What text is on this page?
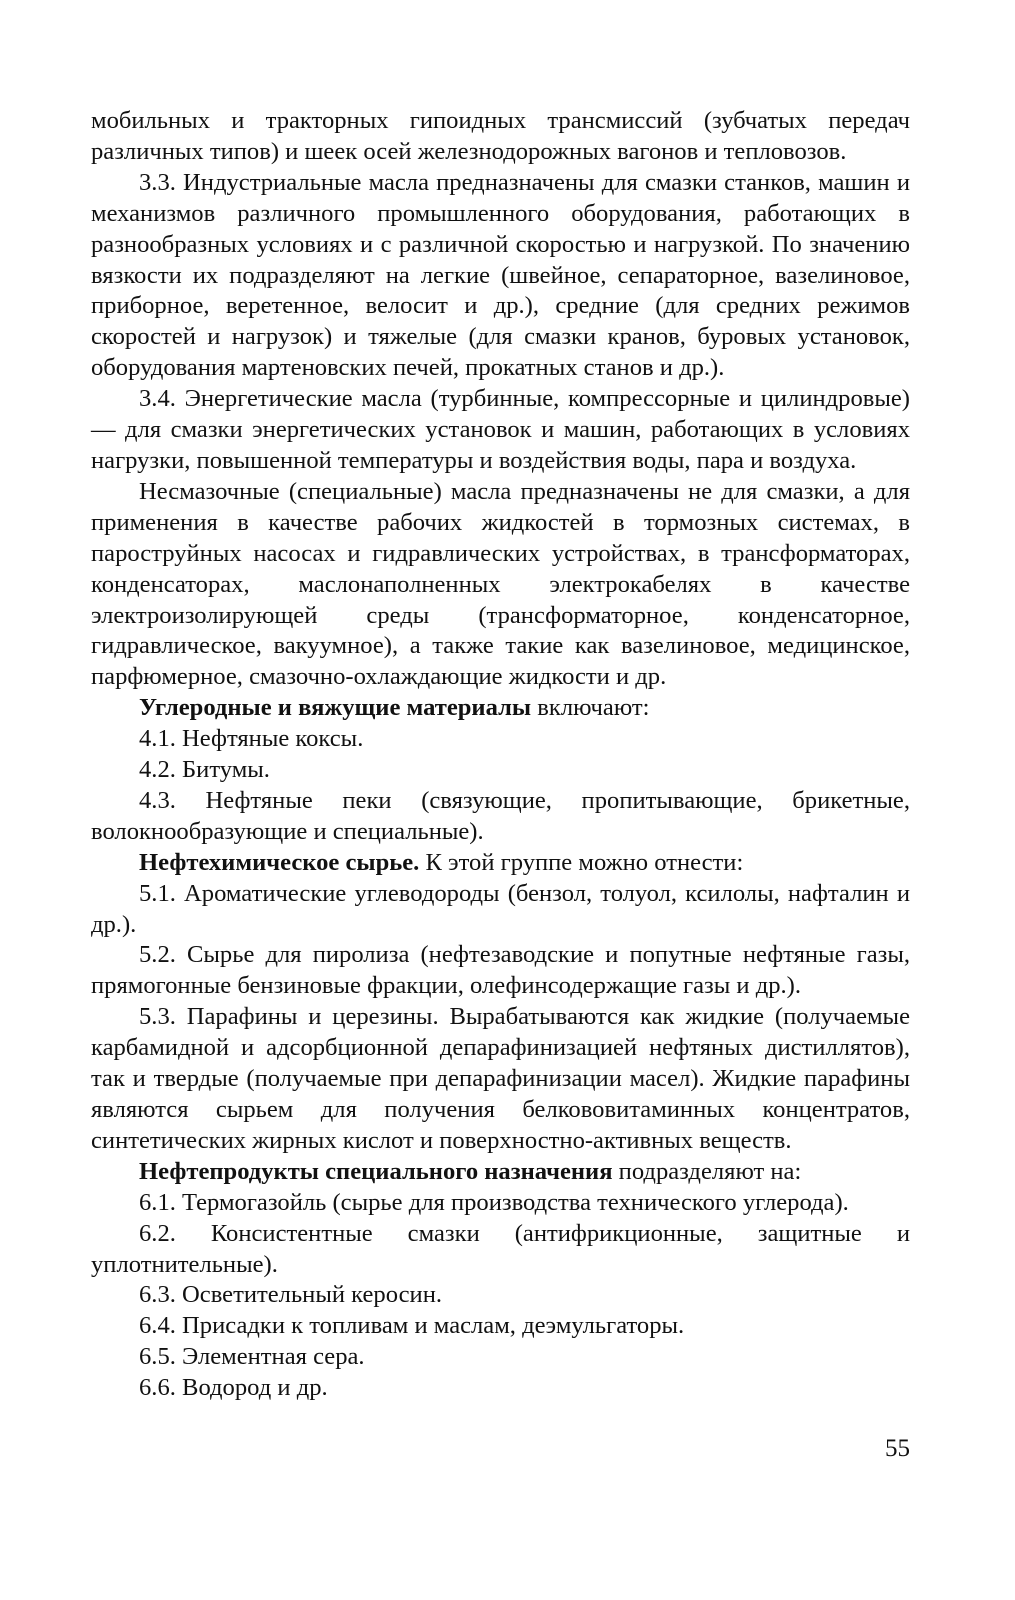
мобильных и тракторных гипоидных трансмиссий (зубчатых передач различных типов) и шеек осей железнодорожных вагонов и тепловозов.

3.3. Индустриальные масла предназначены для смазки станков, машин и механизмов различного промышленного оборудования, работающих в разнообразных условиях и с различной скоростью и нагрузкой. По значению вязкости их подразделяют на легкие (швейное, сепараторное, вазелиновое, приборное, веретенное, велосит и др.), средние (для средних режимов скоростей и нагрузок) и тяжелые (для смазки кранов, буровых установок, оборудования мартеновских печей, прокатных станов и др.).

3.4. Энергетические масла (турбинные, компрессорные и цилиндровые) — для смазки энергетических установок и машин, работающих в условиях нагрузки, повышенной температуры и воздействия воды, пара и воздуха.

Несмазочные (специальные) масла предназначены не для смазки, а для применения в качестве рабочих жидкостей в тормозных системах, в пароструйных насосах и гидравлических устройствах, в трансформаторах, конденсаторах, маслонаполненных электрокабелях в качестве электроизолирующей среды (трансформаторное, конденсаторное, гидравлическое, вакуумное), а также такие как вазелиновое, медицинское, парфюмерное, смазочно-охлаждающие жидкости и др.

Углеродные и вяжущие материалы включают:

4.1. Нефтяные коксы.

4.2. Битумы.

4.3. Нефтяные пеки (связующие, пропитывающие, брикетные, волокнообразующие и специальные).

Нефтехимическое сырье. К этой группе можно отнести:

5.1. Ароматические углеводороды (бензол, толуол, ксилолы, нафталин и др.).

5.2. Сырье для пиролиза (нефтезаводские и попутные нефтяные газы, прямогонные бензиновые фракции, олефинсодержащие газы и др.).

5.3. Парафины и церезины. Вырабатываются как жидкие (получаемые карбамидной и адсорбционной депарафинизацией нефтяных дистиллятов), так и твердые (получаемые при депарафинизации масел). Жидкие парафины являются сырьем для получения белкововитаминных концентратов, синтетических жирных кислот и поверхностно-активных веществ.

Нефтепродукты специального назначения подразделяют на:

6.1. Термогазойль (сырье для производства технического углерода).

6.2. Консистентные смазки (антифрикционные, защитные и уплотнительные).

6.3. Осветительный керосин.

6.4. Присадки к топливам и маслам, деэмульгаторы.

6.5. Элементная сера.

6.6. Водород и др.

55
